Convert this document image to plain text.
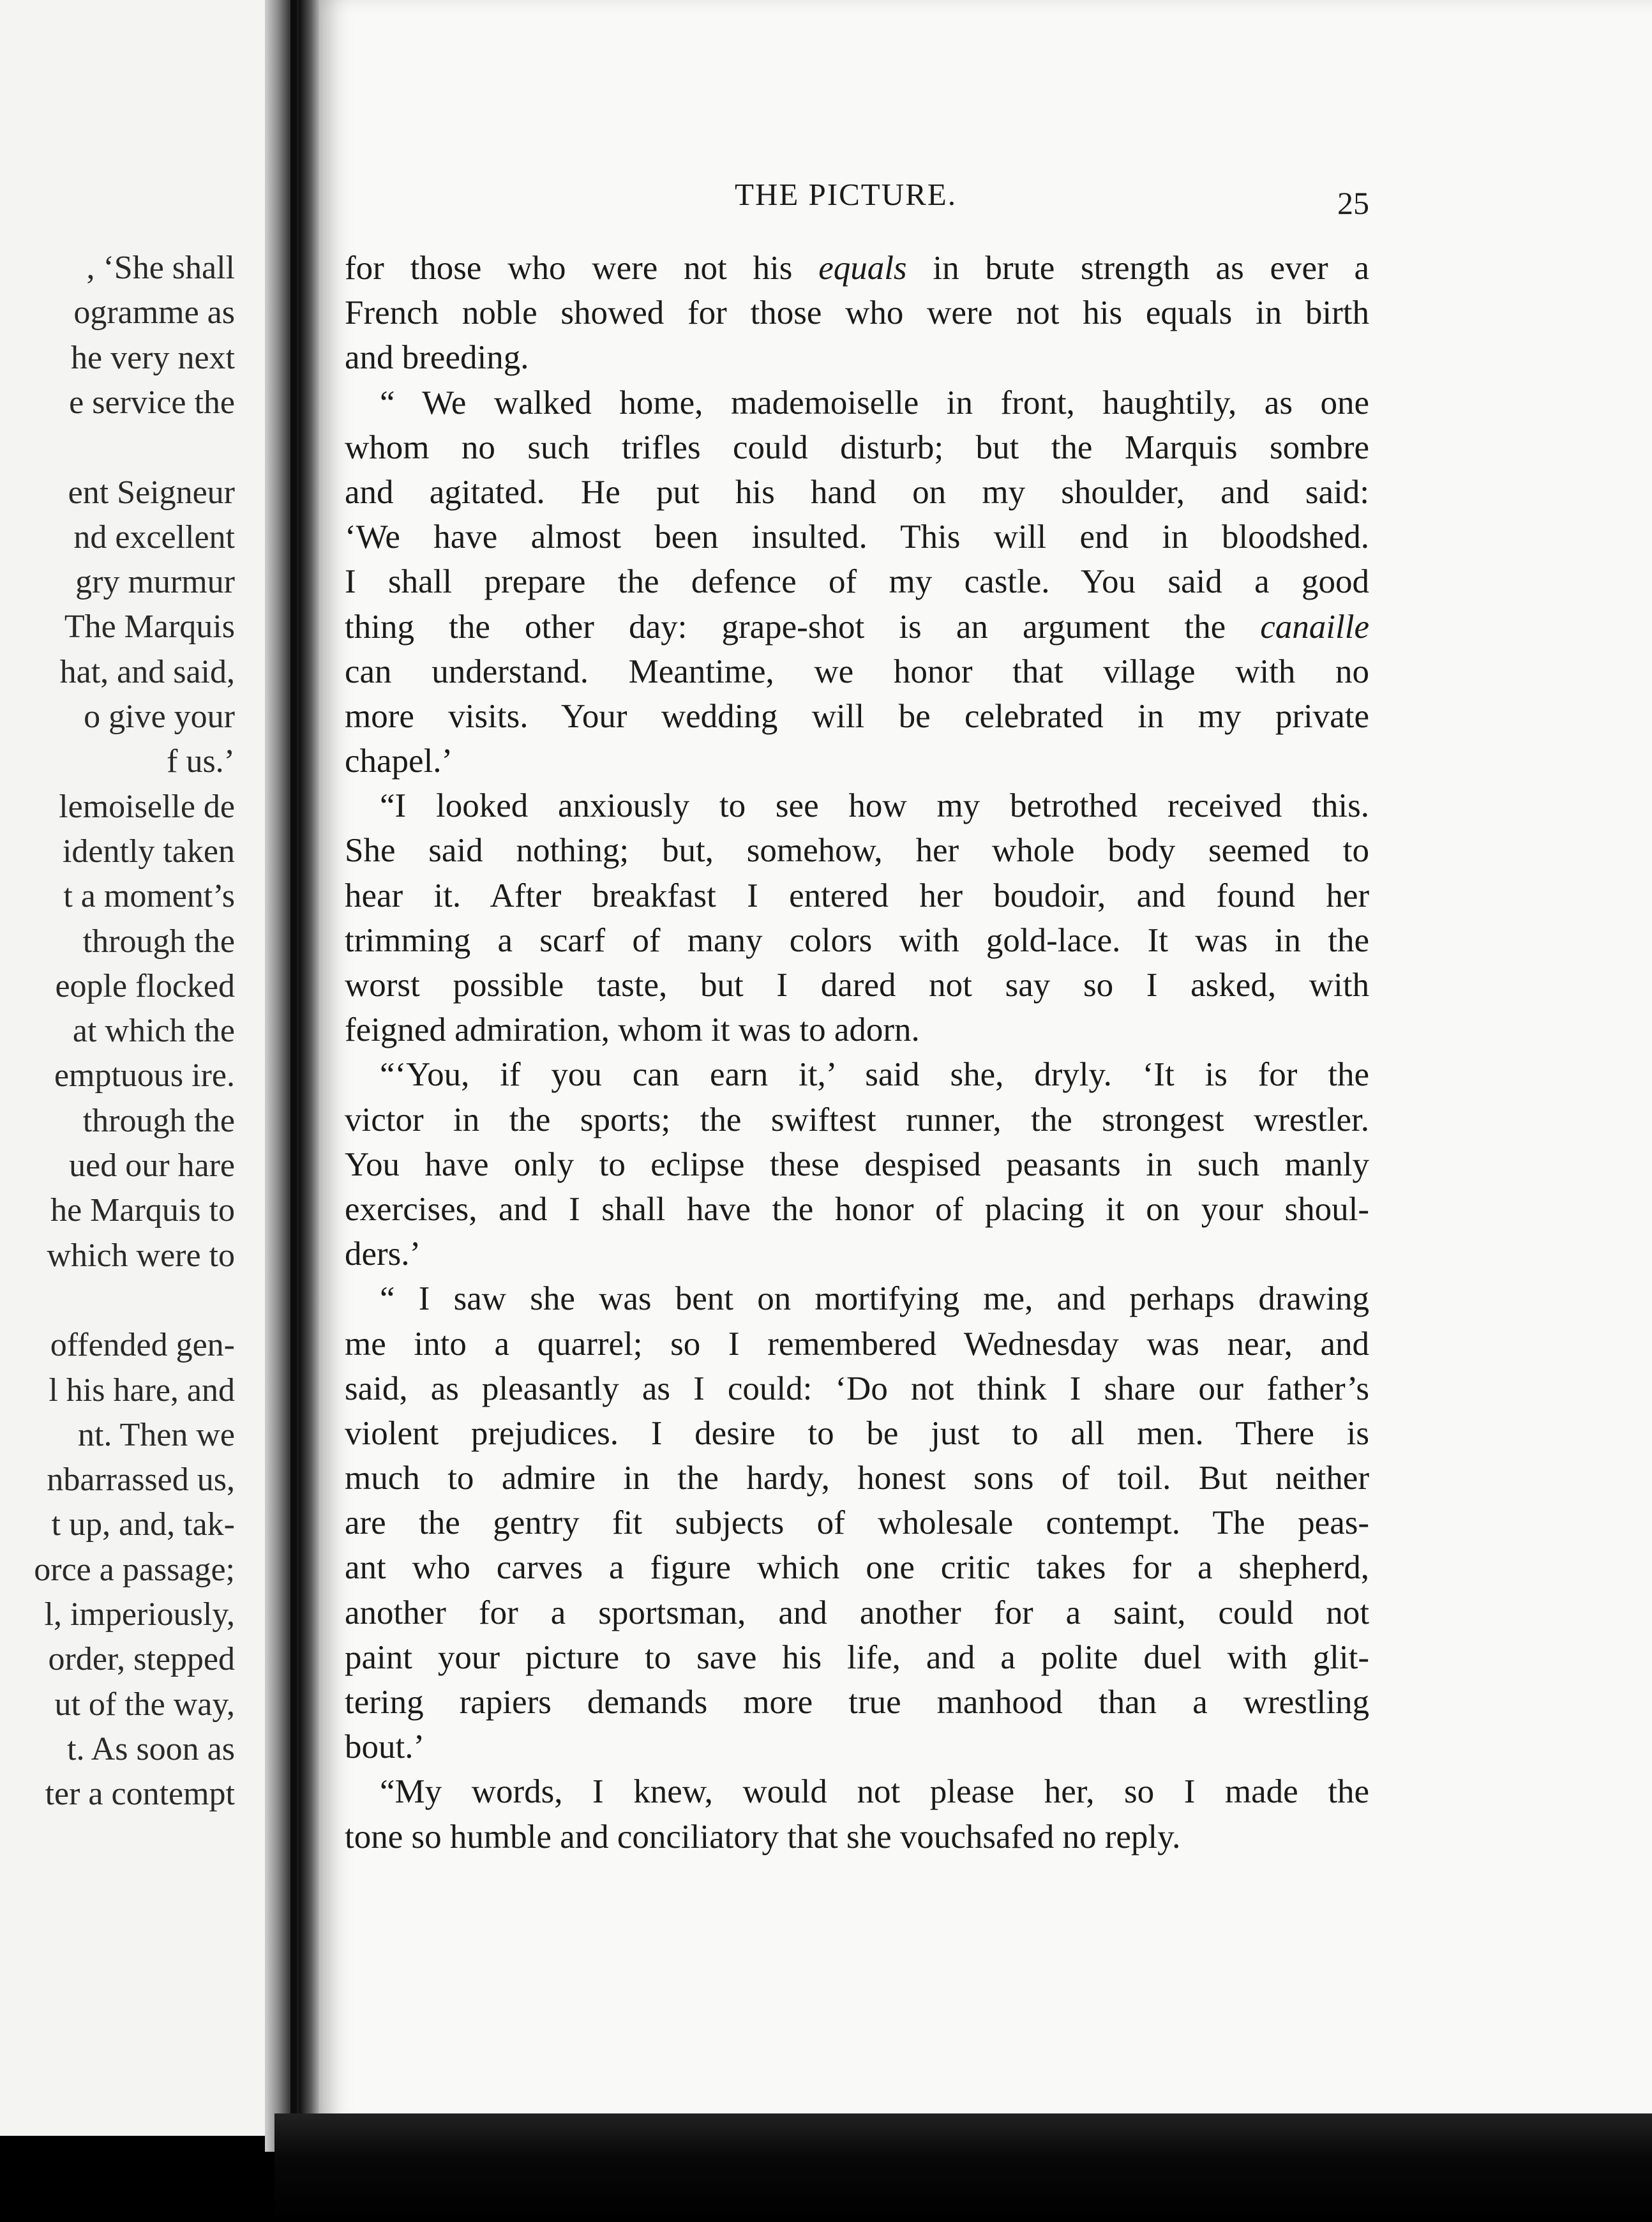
, ‘She shall
ogramme as
he very next
e service the
ent Seigneur
nd excellent
gry murmur
The Marquis
hat, and said,
o give your
f us.’
lemoiselle de
idently taken
t a moment’s
through the
eople flocked
at which the
emptuous ire.
through the
ued our hare
he Marquis to
which were to
offended gen-
l his hare, and
nt. Then we
nbarrassed us,
t up, and, tak-
orce a passage;
l, imperiously,
order, stepped
ut of the way,
t. As soon as
ter a contempt
THE PICTURE.	25
for those who were not his equals in brute strength as ever a
French noble showed for those who were not his equals in birth
and breeding.
“ We walked home, mademoiselle in front, haughtily, as one
whom no such trifles could disturb; but the Marquis sombre
and agitated. He put his hand on my shoulder, and said:
‘We have almost been insulted. This will end in bloodshed.
I shall prepare the defence of my castle. You said a good
thing the other day: grape-shot is an argument the canaille
can understand. Meantime, we honor that village with no
more visits. Your wedding will be celebrated in my private
chapel.’
“I looked anxiously to see how my betrothed received this.
She said nothing; but, somehow, her whole body seemed to
hear it. After breakfast I entered her boudoir, and found her
trimming a scarf of many colors with gold-lace. It was in the
worst possible taste, but I dared not say so I asked, with
feigned admiration, whom it was to adorn.
“‘You, if you can earn it,’ said she, dryly. ‘It is for the
victor in the sports; the swiftest runner, the strongest wrestler.
You have only to eclipse these despised peasants in such manly
exercises, and I shall have the honor of placing it on your shoul-
ders.’
“ I saw she was bent on mortifying me, and perhaps drawing
me into a quarrel; so I remembered Wednesday was near, and
said, as pleasantly as I could: ‘Do not think I share our father’s
violent prejudices. I desire to be just to all men. There is
much to admire in the hardy, honest sons of toil. But neither
are the gentry fit subjects of wholesale contempt. The peas-
ant who carves a figure which one critic takes for a shepherd,
another for a sportsman, and another for a saint, could not
paint your picture to save his life, and a polite duel with glit-
tering rapiers demands more true manhood than a wrestling
bout.’
“My words, I knew, would not please her, so I made the
tone so humble and conciliatory that she vouchsafed no reply.
